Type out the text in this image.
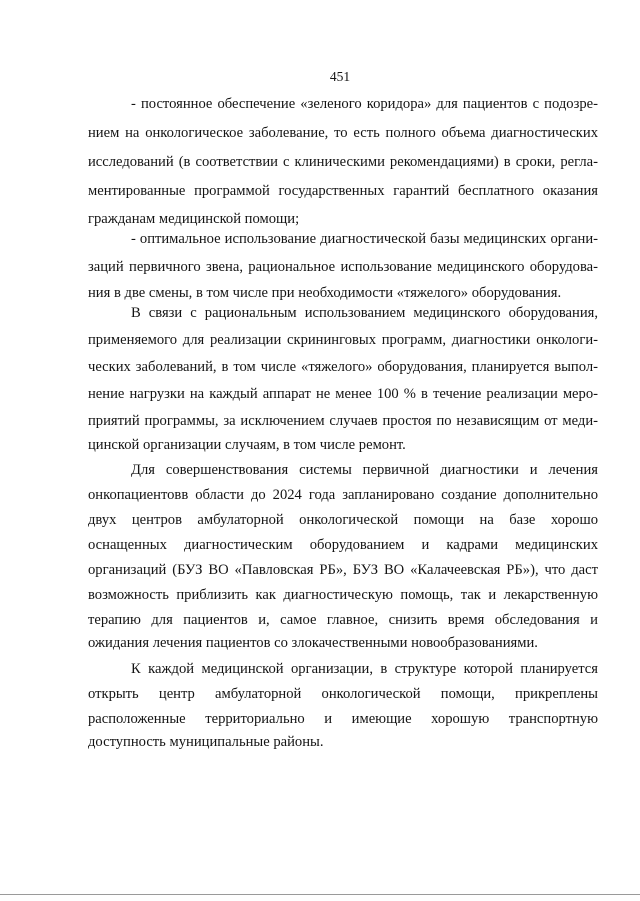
451
- постоянное обеспечение «зеленого коридора» для пациентов с подозре-
нием на онкологическое заболевание, то есть полного объема диагностических
исследований (в соответствии с клиническими рекомендациями) в сроки, регла-
ментированные программой государственных гарантий бесплатного оказания
гражданам медицинской помощи;
- оптимальное использование диагностической базы медицинских органи-
заций первичного звена, рациональное использование медицинского оборудова-
ния в две смены, в том числе при необходимости «тяжелого» оборудования.
В связи с рациональным использованием медицинского оборудования,
применяемого для реализации скрининговых программ, диагностики онкологи-
ческих заболеваний, в том числе «тяжелого» оборудования, планируется выпол-
нение нагрузки на каждый аппарат не менее 100 % в течение реализации меро-
приятий программы, за исключением случаев простоя по независящим от меди-
цинской организации случаям, в том числе ремонт.
Для совершенствования системы первичной диагностики и лечения
онкопациентовв области до 2024 года запланировано создание дополнительно
двух центров амбулаторной онкологической помощи на базе хорошо
оснащенных диагностическим оборудованием и кадрами медицинских
организаций (БУЗ ВО «Павловская РБ», БУЗ ВО «Калачеевская РБ»), что даст
возможность приблизить как диагностическую помощь, так и лекарственную
терапию для пациентов и, самое главное, снизить время обследования и
ожидания лечения пациентов со злокачественными новообразованиями.
К каждой медицинской организации, в структуре которой планируется
открыть центр амбулаторной онкологической помощи, прикреплены
расположенные территориально и имеющие хорошую транспортную
доступность муниципальные районы.
